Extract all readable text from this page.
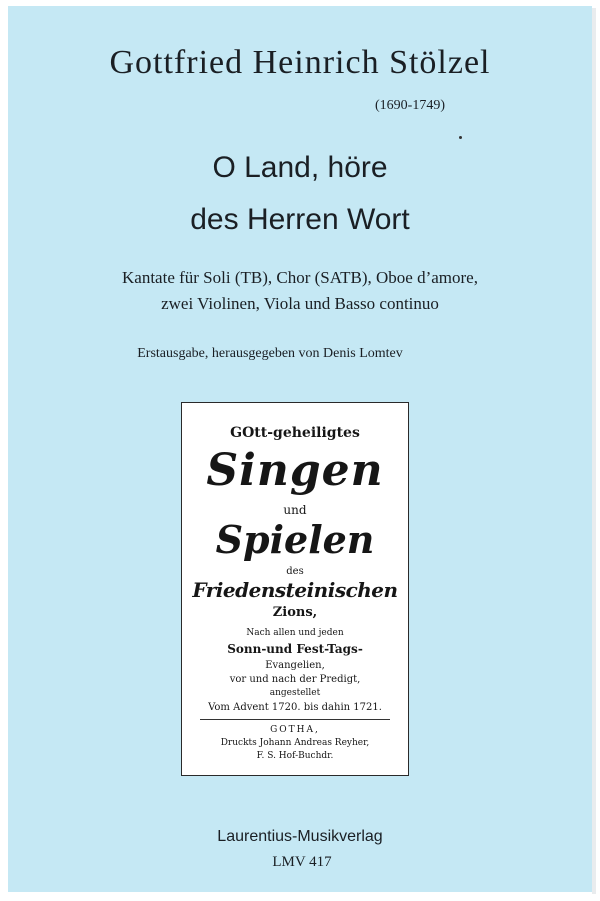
Gottfried Heinrich Stölzel
(1690-1749)
O Land, höre
des Herren Wort
Kantate für Soli (TB), Chor (SATB), Oboe d’amore,
zwei Violinen, Viola und Basso continuo
Erstausgabe, herausgegeben von Denis Lomtev
GOtt-geheiligtes
Singen
und
Spielen
des
Friedensteinischen
Zions,
Nach allen und jeden
Sonn-und Fest-Tags-
Evangelien,
vor und nach der Predigt,
angestellet
Vom Advent 1720. bis dahin 1721.
GOTHA,
Druckts Johann Andreas Reyher,
F. S. Hof-Buchdr.
Laurentius-Musikverlag
LMV 417
